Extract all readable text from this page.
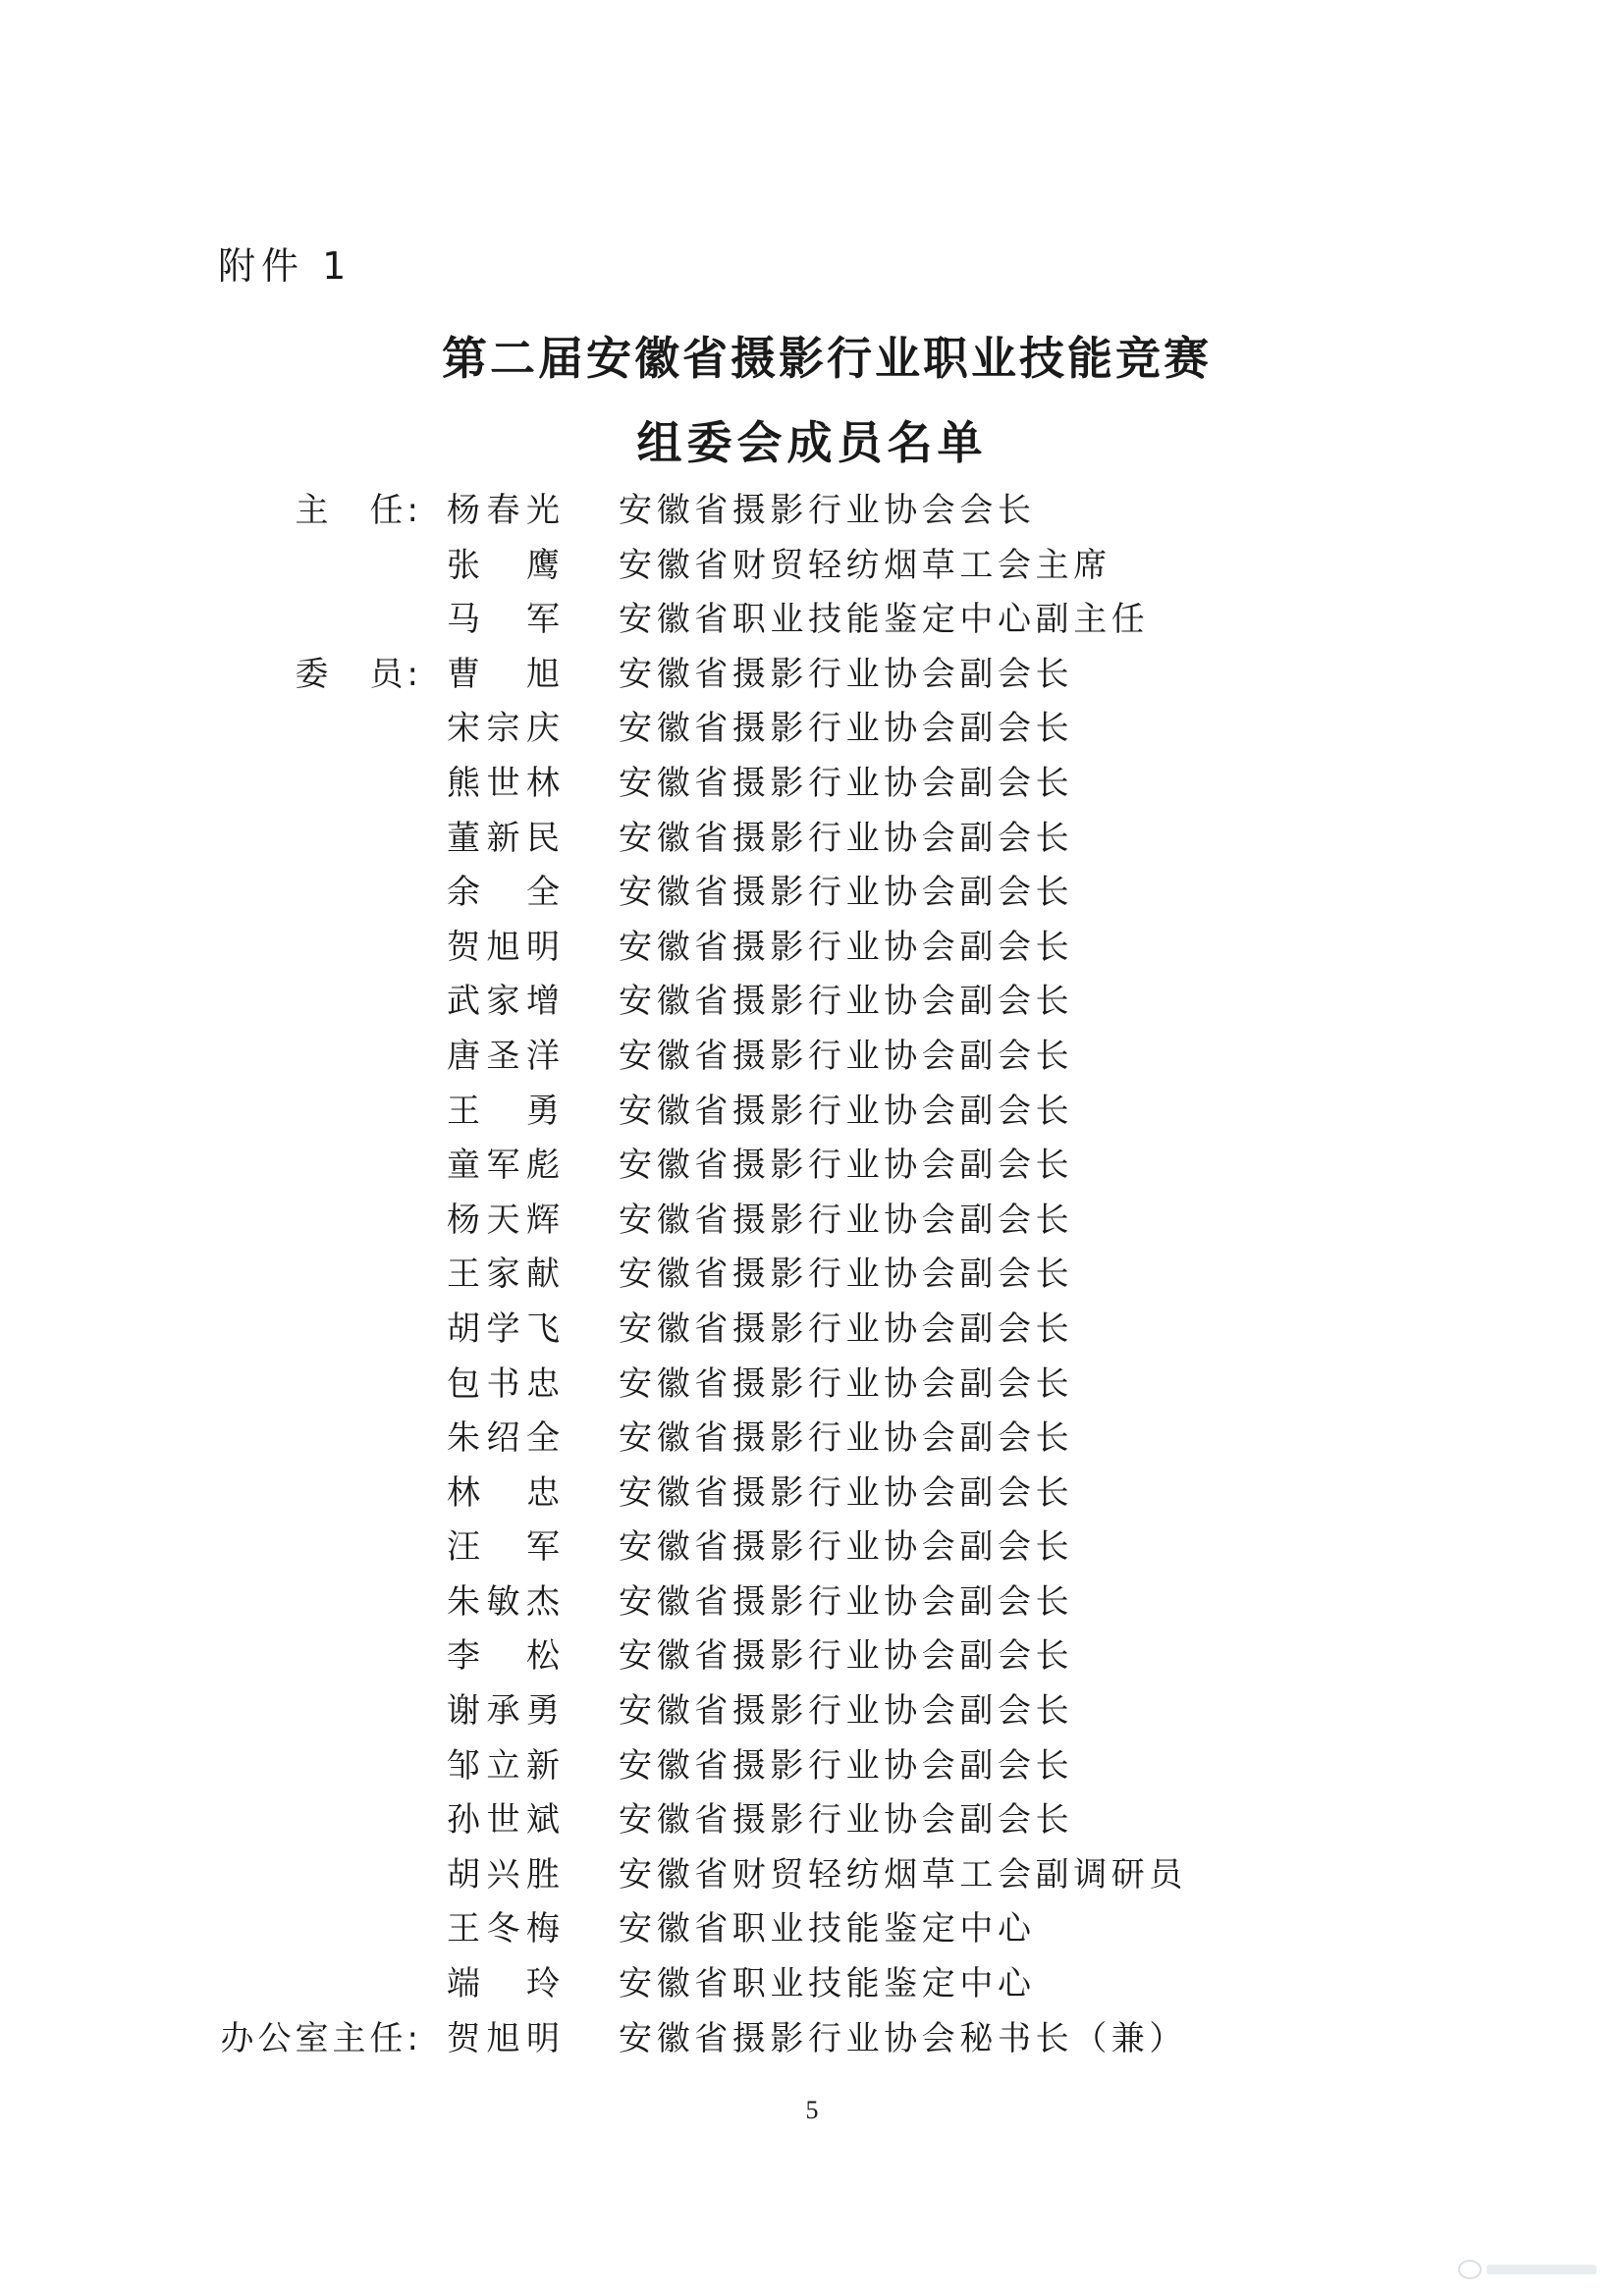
附件 1
第二届安徽省摄影行业职业技能竞赛
组委会成员名单
主　任: 杨 春 光 安徽省摄影行业协会会长
张 鹰 安徽省财贸轻纺烟草工会主席
马 军 安徽省职业技能鉴定中心副主任
委　员: 曹 旭 安徽省摄影行业协会副会长
宋 宗 庆 安徽省摄影行业协会副会长
熊 世 林 安徽省摄影行业协会副会长
董 新 民 安徽省摄影行业协会副会长
余 全 安徽省摄影行业协会副会长
贺 旭 明 安徽省摄影行业协会副会长
武 家 增 安徽省摄影行业协会副会长
唐 圣 洋 安徽省摄影行业协会副会长
王 勇 安徽省摄影行业协会副会长
童 军 彪 安徽省摄影行业协会副会长
杨 天 辉 安徽省摄影行业协会副会长
王 家 献 安徽省摄影行业协会副会长
胡 学 飞 安徽省摄影行业协会副会长
包 书 忠 安徽省摄影行业协会副会长
朱 绍 全 安徽省摄影行业协会副会长
林 忠 安徽省摄影行业协会副会长
汪 军 安徽省摄影行业协会副会长
朱 敏 杰 安徽省摄影行业协会副会长
李 松 安徽省摄影行业协会副会长
谢 承 勇 安徽省摄影行业协会副会长
邹 立 新 安徽省摄影行业协会副会长
孙 世 斌 安徽省摄影行业协会副会长
胡 兴 胜 安徽省财贸轻纺烟草工会副调研员
王 冬 梅 安徽省职业技能鉴定中心
端 玲 安徽省职业技能鉴定中心
办公室主任: 贺 旭 明 安徽省摄影行业协会秘书长（兼）
5
